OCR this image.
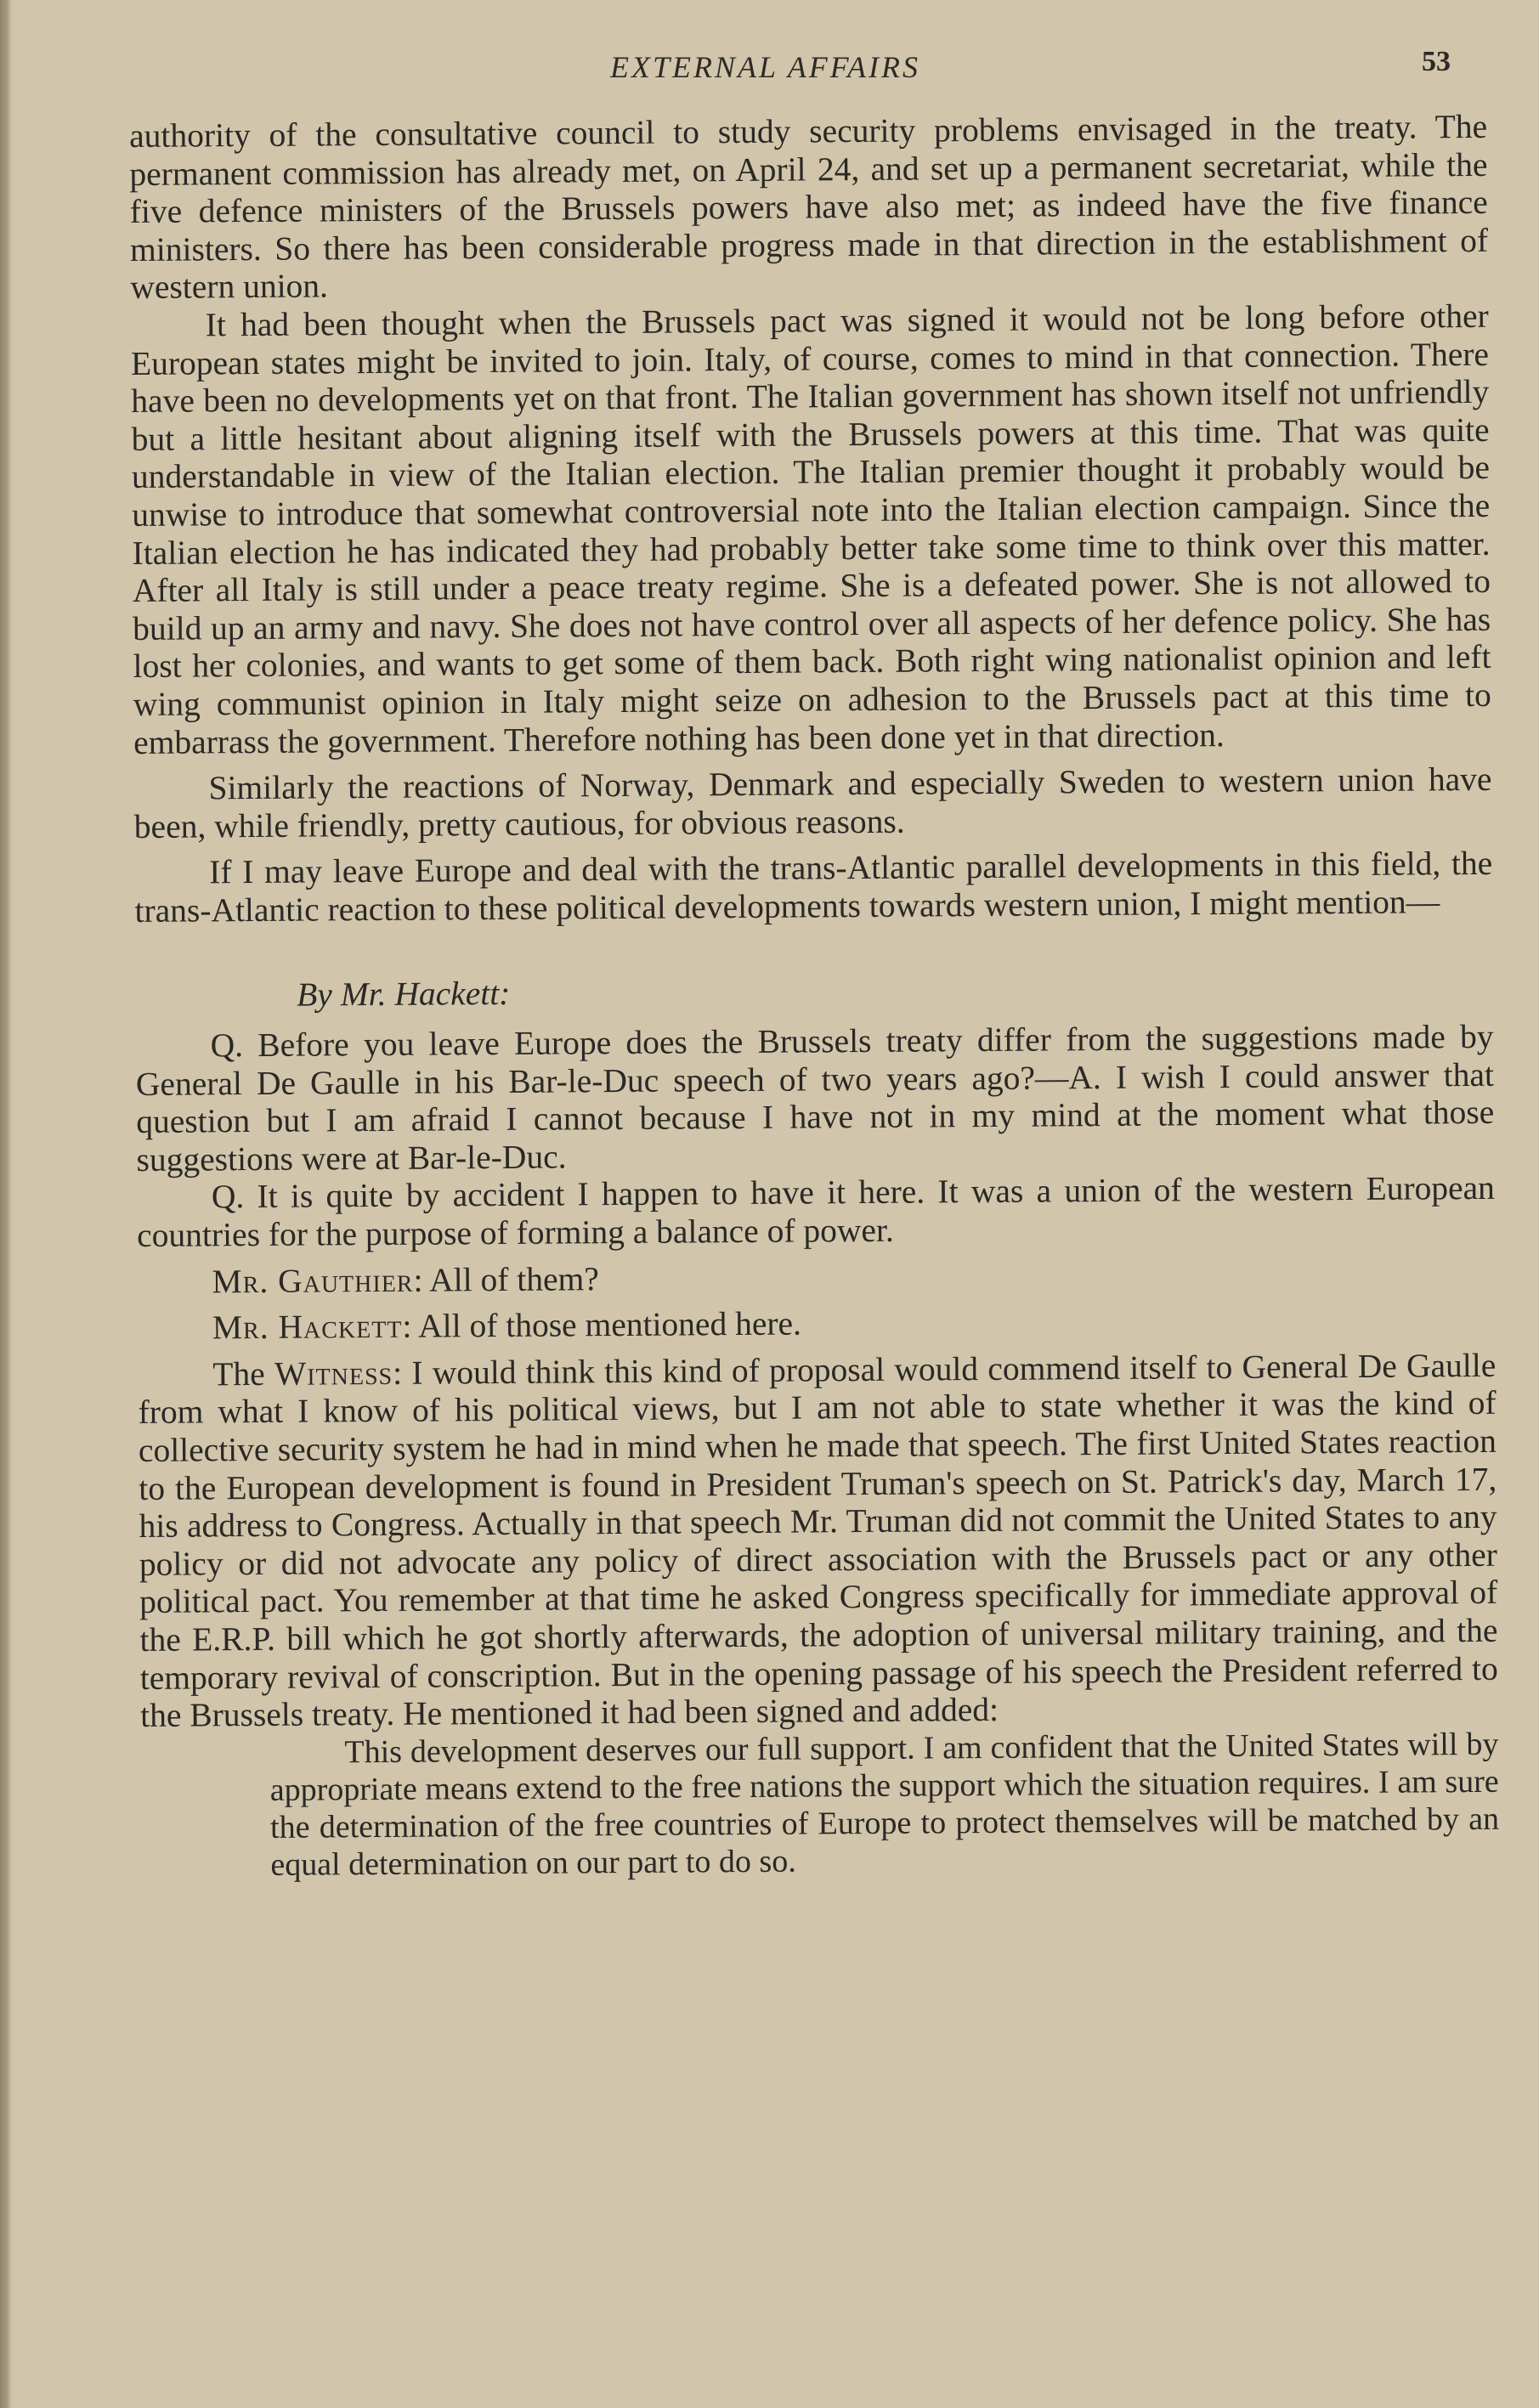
EXTERNAL AFFAIRS	53

authority of the consultative council to study security problems envisaged in the treaty. The permanent commission has already met, on April 24, and set up a permanent secretariat, while the five defence ministers of the Brussels powers have also met; as indeed have the five finance ministers. So there has been considerable progress made in that direction in the establishment of western union.

It had been thought when the Brussels pact was signed it would not be long before other European states might be invited to join. Italy, of course, comes to mind in that connection. There have been no developments yet on that front. The Italian government has shown itself not unfriendly but a little hesitant about aligning itself with the Brussels powers at this time. That was quite understandable in view of the Italian election. The Italian premier thought it probably would be unwise to introduce that somewhat controversial note into the Italian election campaign. Since the Italian election he has indicated they had probably better take some time to think over this matter. After all Italy is still under a peace treaty regime. She is a defeated power. She is not allowed to build up an army and navy. She does not have control over all aspects of her defence policy. She has lost her colonies, and wants to get some of them back. Both right wing nationalist opinion and left wing communist opinion in Italy might seize on adhesion to the Brussels pact at this time to embarrass the government. Therefore nothing has been done yet in that direction.

Similarly the reactions of Norway, Denmark and especially Sweden to western union have been, while friendly, pretty cautious, for obvious reasons.

If I may leave Europe and deal with the trans-Atlantic parallel developments in this field, the trans-Atlantic reaction to these political developments towards western union, I might mention—

By Mr. Hackett:

Q. Before you leave Europe does the Brussels treaty differ from the suggestions made by General De Gaulle in his Bar-le-Duc speech of two years ago?—A. I wish I could answer that question but I am afraid I cannot because I have not in my mind at the moment what those suggestions were at Bar-le-Duc.

Q. It is quite by accident I happen to have it here. It was a union of the western European countries for the purpose of forming a balance of power.

Mr. Gauthier: All of them?

Mr. Hackett: All of those mentioned here.

The Witness: I would think this kind of proposal would commend itself to General De Gaulle from what I know of his political views, but I am not able to state whether it was the kind of collective security system he had in mind when he made that speech. The first United States reaction to the European development is found in President Truman's speech on St. Patrick's day, March 17, his address to Congress. Actually in that speech Mr. Truman did not commit the United States to any policy or did not advocate any policy of direct association with the Brussels pact or any other political pact. You remember at that time he asked Congress specifically for immediate approval of the E.R.P. bill which he got shortly afterwards, the adoption of universal military training, and the temporary revival of conscription. But in the opening passage of his speech the President referred to the Brussels treaty. He mentioned it had been signed and added:

This development deserves our full support. I am confident that the United States will by appropriate means extend to the free nations the support which the situation requires. I am sure the determination of the free countries of Europe to protect themselves will be matched by an equal determination on our part to do so.
